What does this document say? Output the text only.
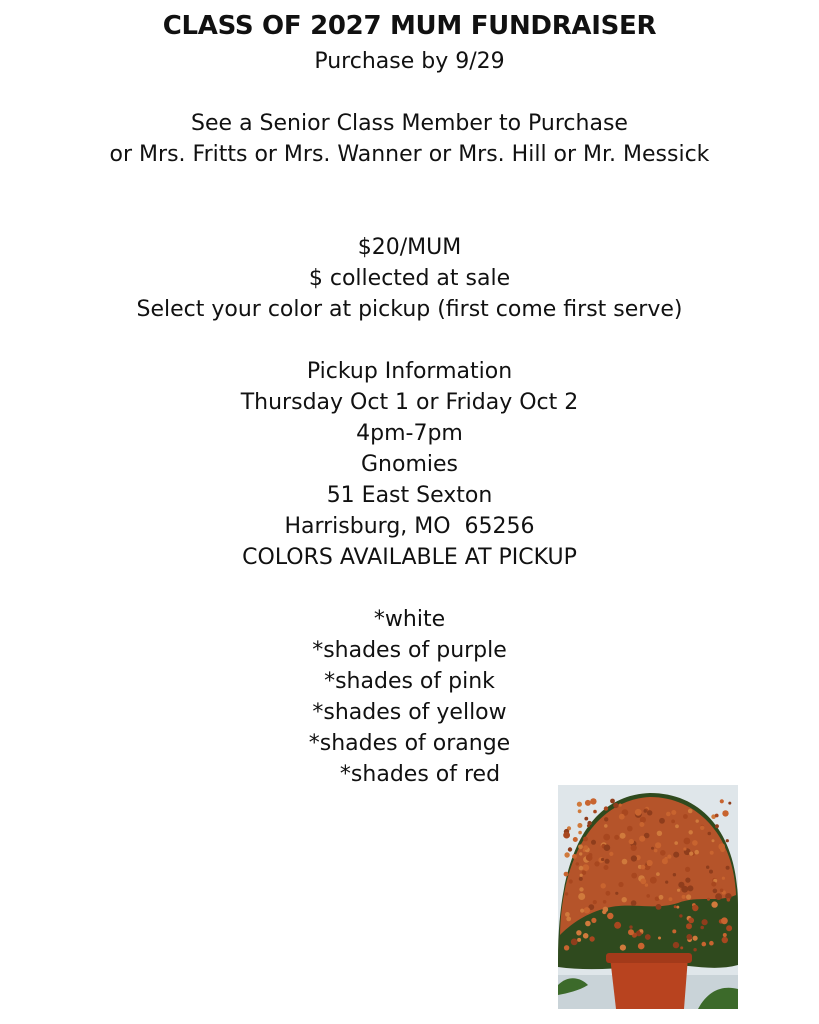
CLASS OF 2027 MUM FUNDRAISER
Purchase by 9/29
See a Senior Class Member to Purchase
or Mrs. Fritts or Mrs. Wanner or Mrs. Hill or Mr. Messick
$20/MUM
$ collected at sale
Select your color at pickup (first come first serve)
Pickup Information
Thursday Oct 1 or Friday Oct 2
4pm-7pm
Gnomies
51 East Sexton
Harrisburg, MO  65256
COLORS AVAILABLE AT PICKUP
*white
*shades of purple
*shades of pink
*shades of yellow
*shades of orange
*shades of red
